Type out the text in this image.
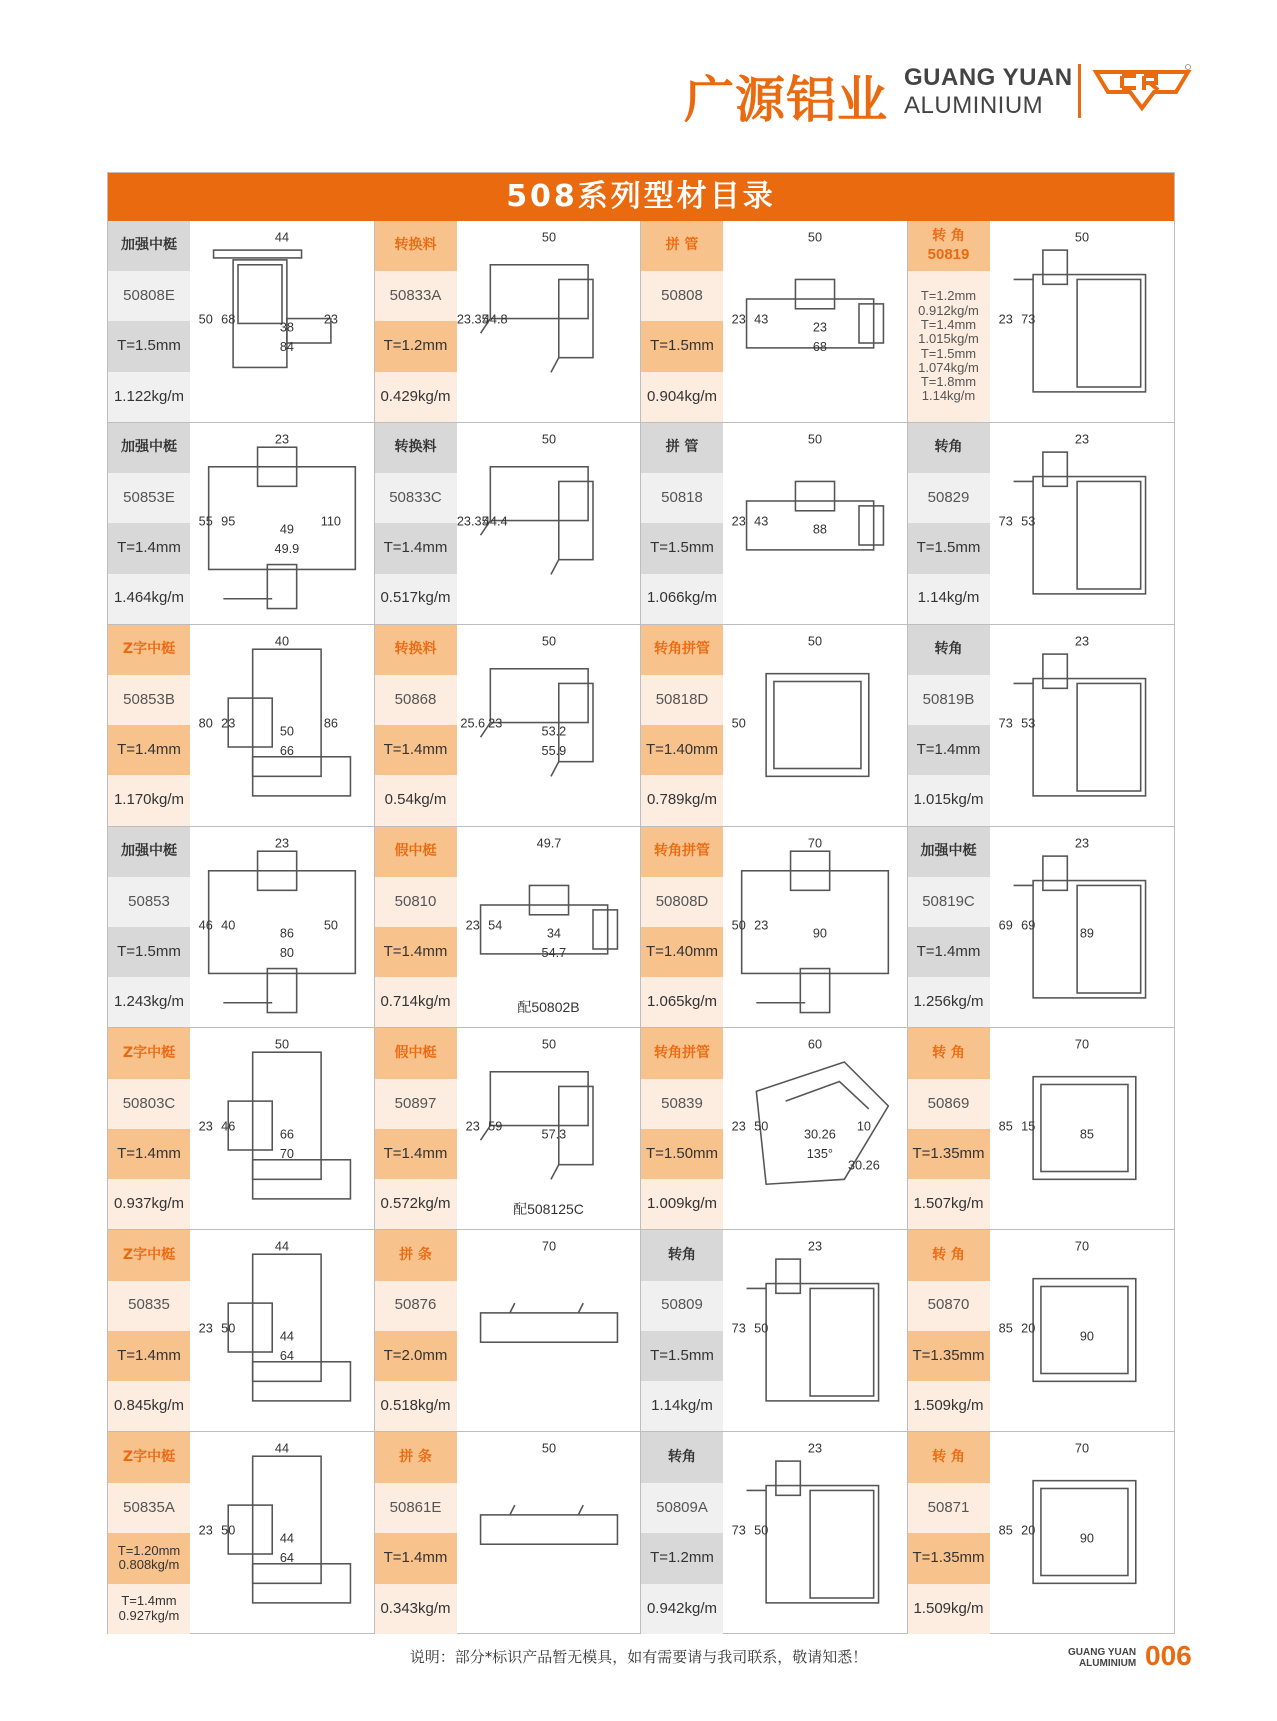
广源铝业 GUANG YUAN
ALUMINIUM
508系列型材目录
加强中梃
50808E
T=1.5mm
1.122kg/m
44
50 68
38
84
23
转换料
50833A
T=1.2mm
0.429kg/m
50
23.35
44.8
拼 管
50808
T=1.5mm
0.904kg/m
50
23 43
23
68
转 角
50819
T=1.2mm
0.912kg/m
T=1.4mm
1.015kg/m
T=1.5mm
1.074kg/m
T=1.8mm
1.14kg/m
50
23 73
加强中梃
50853E
T=1.4mm
1.464kg/m
23
55 95
49
49.9
110
转换料
50833C
T=1.4mm
0.517kg/m
50
23.35
44.4
拼 管
50818
T=1.5mm
1.066kg/m
50
23 43
88
转角
50829
T=1.5mm
1.14kg/m
23
73 53
Z字中梃
50853B
T=1.4mm
1.170kg/m
40
80 23
50
66
86
转换料
50868
T=1.4mm
0.54kg/m
50
25.6 23
53.2
55.9
转角拼管
50818D
T=1.40mm
0.789kg/m
50
50
转角
50819B
T=1.4mm
1.015kg/m
23
73 53
加强中梃
50853
T=1.5mm
1.243kg/m
23
46 40
86
80
50
假中梃
50810
T=1.4mm
0.714kg/m
49.7
23 54
34
54.7
配50802B
转角拼管
50808D
T=1.40mm
1.065kg/m
70
50 23
90
加强中梃
50819C
T=1.4mm
1.256kg/m
23
69 69
89
Z字中梃
50803C
T=1.4mm
0.937kg/m
50
23 46
66
70
假中梃
50897
T=1.4mm
0.572kg/m
50
23 59
57.3
配508125C
转角拼管
50839
T=1.50mm
1.009kg/m
60
23 50
30.26
135°
10
30.26
转 角
50869
T=1.35mm
1.507kg/m
70
85 15
85
Z字中梃
50835
T=1.4mm
0.845kg/m
44
23 50
44
64
拼 条
50876
T=2.0mm
0.518kg/m
70
转角
50809
T=1.5mm
1.14kg/m
23
73 50
转 角
50870
T=1.35mm
1.509kg/m
70
85 20
90
Z字中梃
50835A
T=1.20mm
0.808kg/m
T=1.4mm
0.927kg/m
44
23 50
44
64
拼 条
50861E
T=1.4mm
0.343kg/m
50
转角
50809A
T=1.2mm
0.942kg/m
23
73 50
转 角
50871
T=1.35mm
1.509kg/m
70
85 20
90
说明：部分*标识产品暂无模具，如有需要请与我司联系，敬请知悉！	GUANG YUAN
ALUMINIUM 006
